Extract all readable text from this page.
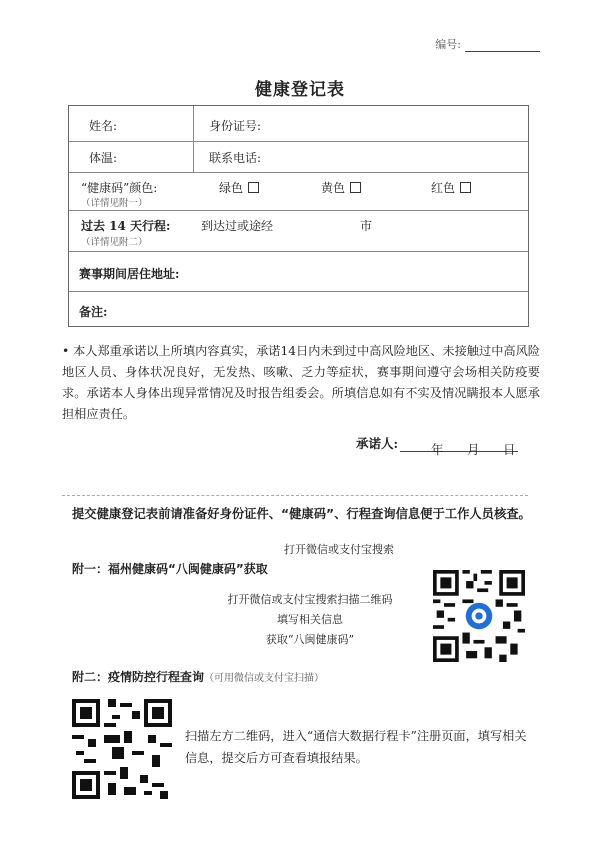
编号:
健康登记表
姓名:	身份证号:
体温:	联系电话:
“健康码”颜色:
（详情见附一）
绿色	黄色	红色
过去 14 天行程:
（详情见附二）
到达过或途经	市
赛事期间居住地址:
备注:
• 本人郑重承诺以上所填内容真实，承诺14日内未到过中高风险地区、未接触过中高风险地区人员、身体状况良好，无发热、咳嗽、乏力等症状，赛事期间遵守会场相关防疫要求。承诺本人身体出现异常情况及时报告组委会。所填信息如有不实及情况瞒报本人愿承担相应责任。
承诺人:	年 月 日
提交健康登记表前请准备好身份证件、“健康码”、行程查询信息便于工作人员核查。
打开微信或支付宝搜索
附一：福州健康码“八闽健康码”获取
打开微信或支付宝搜索扫描二维码
填写相关信息
获取“八闽健康码”
附二：疫情防控行程查询（可用微信或支付宝扫描）
扫描左方二维码，进入“通信大数据行程卡”注册页面，填写相关信息，提交后方可查看填报结果。
